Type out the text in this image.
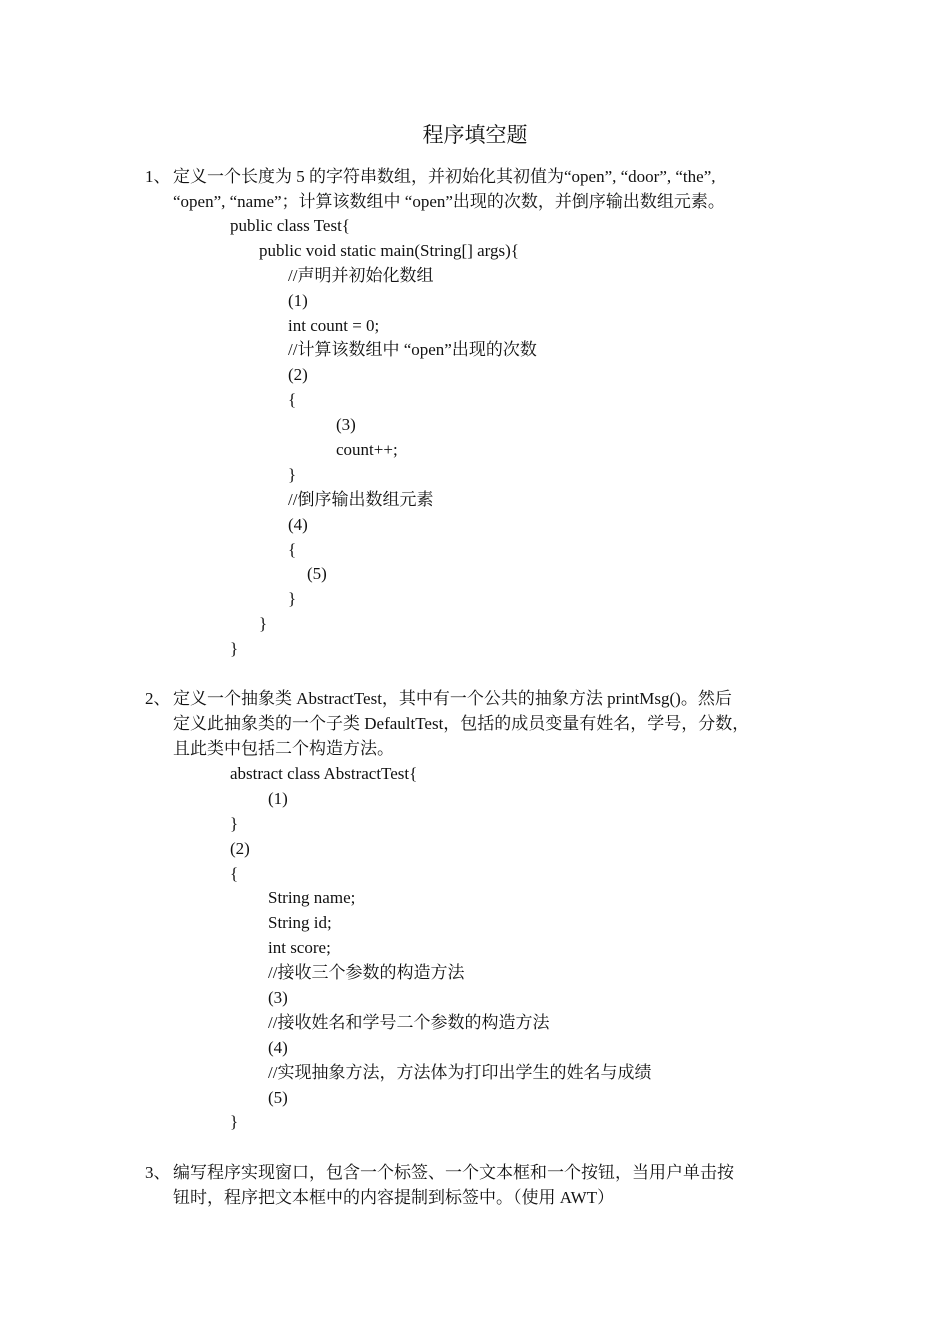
程序填空题
1、 定义一个长度为 5 的字符串数组，并初始化其初值为“open”, “door”, “the”,
“open”, “name”；计算该数组中 “open”出现的次数，并倒序输出数组元素。
public class Test{
public void static main(String[] args){
//声明并初始化数组
(1)
int count = 0;
//计算该数组中 “open”出现的次数
(2)
{
(3)
count++;
}
//倒序输出数组元素
(4)
{
(5)
}
}
}
2、 定义一个抽象类 AbstractTest，其中有一个公共的抽象方法 printMsg()。然后
定义此抽象类的一个子类 DefaultTest，包括的成员变量有姓名，学号，分数，
且此类中包括二个构造方法。
abstract class AbstractTest{
(1)
}
(2)
{
String name;
String id;
int score;
//接收三个参数的构造方法
(3)
//接收姓名和学号二个参数的构造方法
(4)
//实现抽象方法，方法体为打印出学生的姓名与成绩
(5)
}
3、 编写程序实现窗口，包含一个标签、一个文本框和一个按钮，当用户单击按
钮时，程序把文本框中的内容提制到标签中。（使用 AWT）
